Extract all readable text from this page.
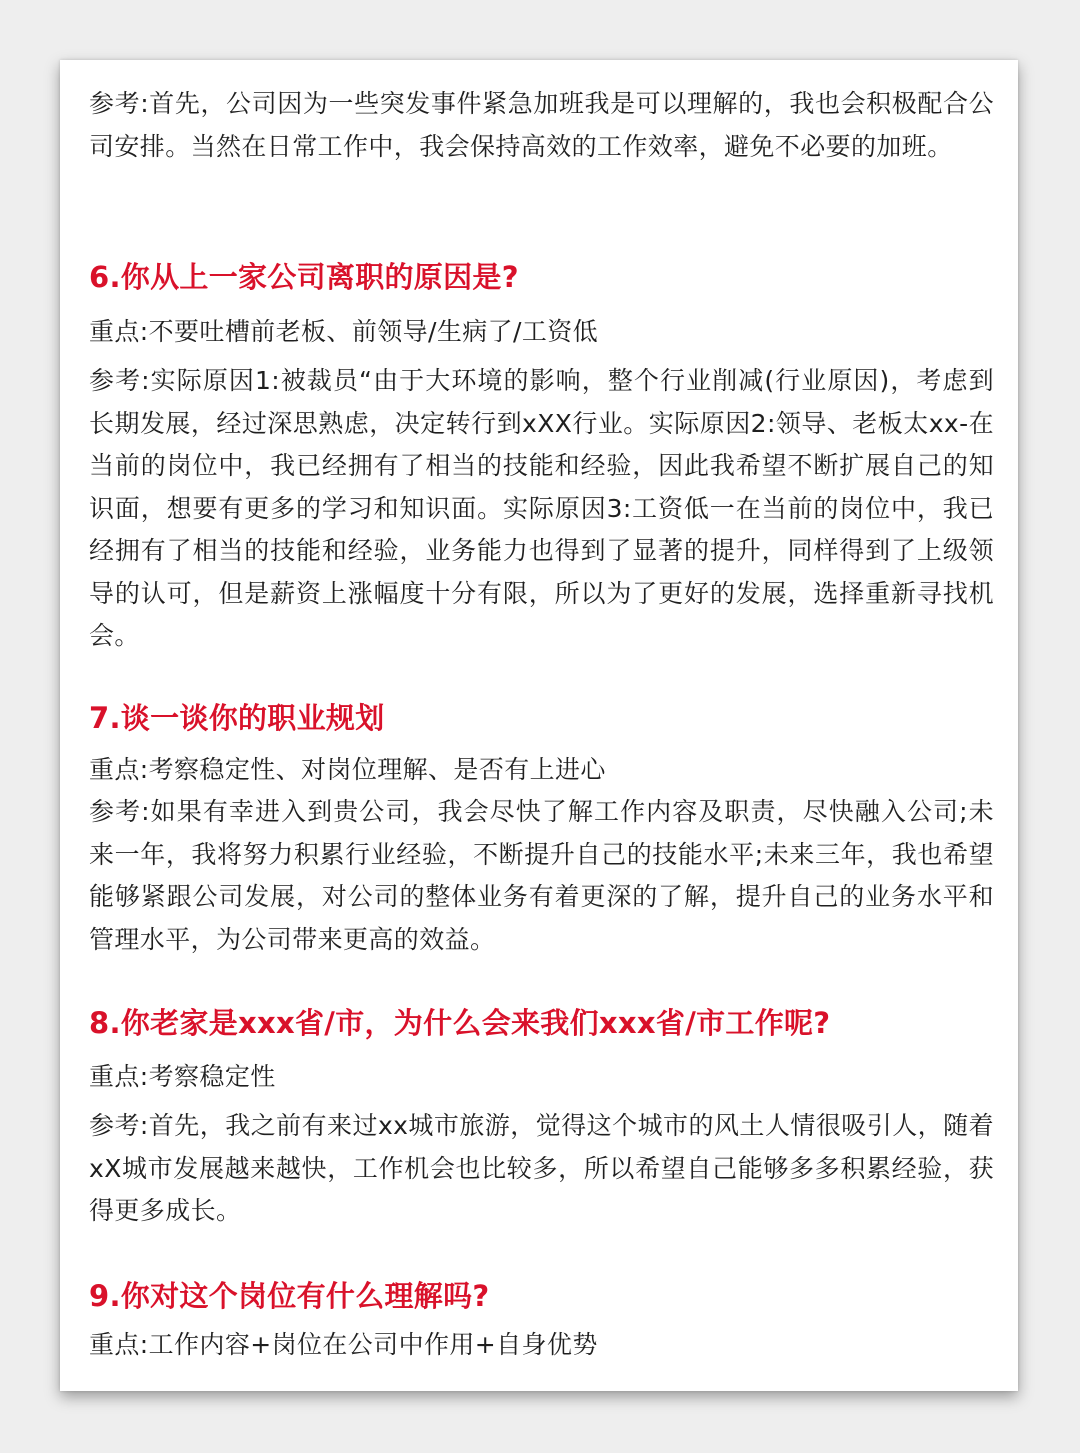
参考:首先，公司因为一些突发事件紧急加班我是可以理解的，我也会积极配合公司安排。当然在日常工作中，我会保持高效的工作效率，避免不必要的加班。

6.你从上一家公司离职的原因是?

重点:不要吐槽前老板、前领导/生病了/工资低

参考:实际原因1:被裁员“由于大环境的影响，整个行业削减(行业原因)，考虑到长期发展，经过深思熟虑，决定转行到xXX行业。实际原因2:领导、老板太xx-在当前的岗位中，我已经拥有了相当的技能和经验，因此我希望不断扩展自己的知识面，想要有更多的学习和知识面。实际原因3:工资低一在当前的岗位中，我已经拥有了相当的技能和经验，业务能力也得到了显著的提升，同样得到了上级领导的认可，但是薪资上涨幅度十分有限，所以为了更好的发展，选择重新寻找机会。

7.谈一谈你的职业规划

重点:考察稳定性、对岗位理解、是否有上进心

参考:如果有幸进入到贵公司，我会尽快了解工作内容及职责，尽快融入公司;未来一年，我将努力积累行业经验，不断提升自己的技能水平;未来三年，我也希望能够紧跟公司发展，对公司的整体业务有着更深的了解，提升自己的业务水平和管理水平，为公司带来更高的效益。

8.你老家是xxx省/市，为什么会来我们xxx省/市工作呢?

重点:考察稳定性

参考:首先，我之前有来过xx城市旅游，觉得这个城市的风土人情很吸引人，随着xX城市发展越来越快，工作机会也比较多，所以希望自己能够多多积累经验，获得更多成长。

9.你对这个岗位有什么理解吗?

重点:工作内容+岗位在公司中作用+自身优势
